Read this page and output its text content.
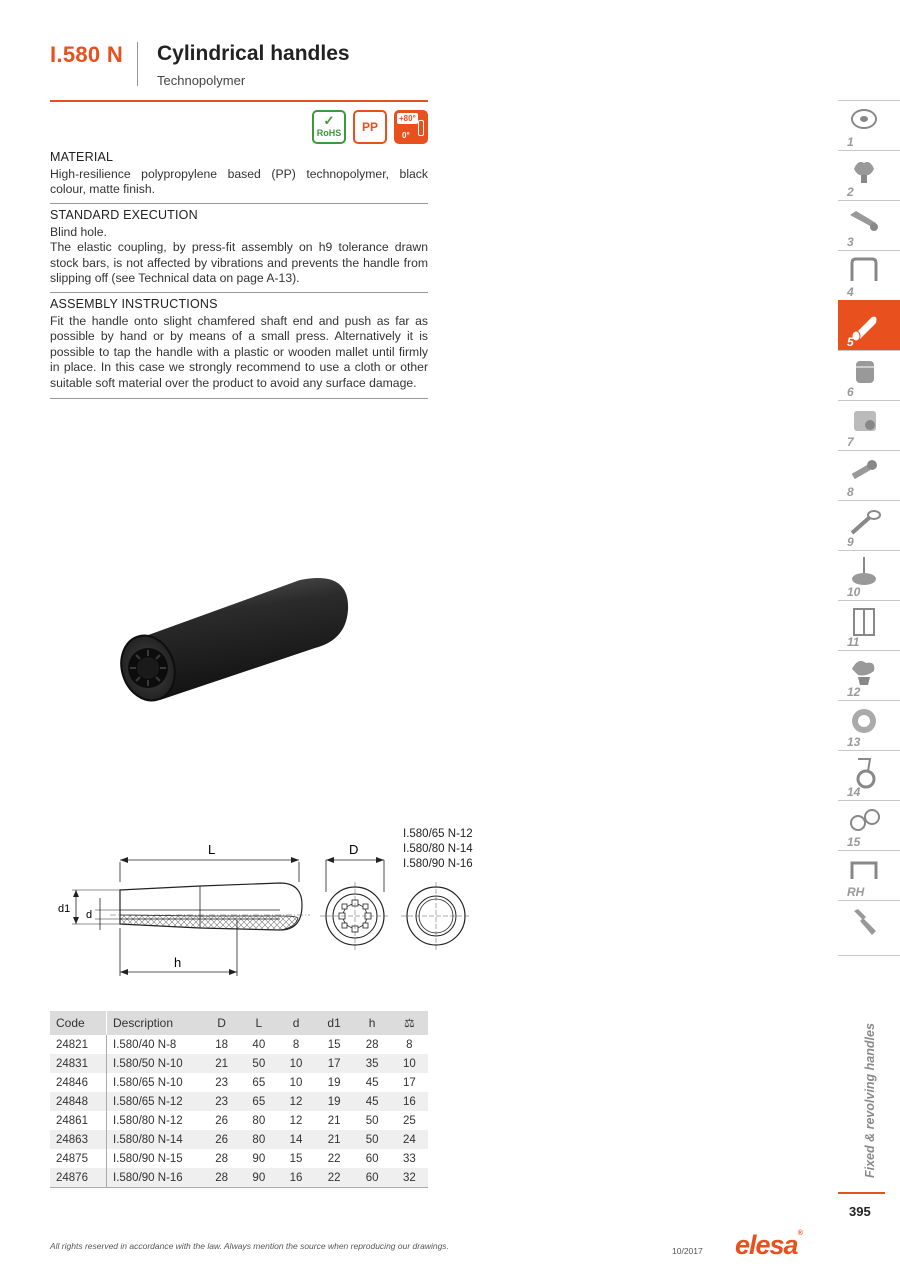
I.580 N Cylindrical handles
Technopolymer
✓
RoHS	PP
+80°
0°
MATERIAL

High-resilience polypropylene based (PP) technopolymer, black colour, matte finish.

STANDARD EXECUTION

Blind hole.

The elastic coupling, by press-fit assembly on h9 tolerance drawn stock bars, is not affected by vibrations and prevents the handle from slipping off (see Technical data on page A-13).

ASSEMBLY INSTRUCTIONS

Fit the handle onto slight chamfered shaft end and push as far as possible by hand or by means of a small press. Alternatively it is possible to tap the handle with a plastic or wooden mallet until firmly in place. In this case we strongly recommend to use a cloth or other suitable soft material over the product to avoid any surface damage.

L
d1 d
h
D
I.580/65 N-12
I.580/80 N-14
I.580/90 N-16
Code	Description	D	L	d	d1	h	⚖
24821	I.580/40 N-8	18	40	8	15	28	8
24831	I.580/50 N-10	21	50	10	17	35	10
24846	I.580/65 N-10	23	65	10	19	45	17
24848	I.580/65 N-12	23	65	12	19	45	16
24861	I.580/80 N-12	26	80	12	21	50	25
24863	I.580/80 N-14	26	80	14	21	50	24
24875	I.580/90 N-15	28	90	15	22	60	33
24876	I.580/90 N-16	28	90	16	22	60	32
All rights reserved in accordance with the law. Always mention the source when reproducing our drawings.	10/2017 elesa®
1
2
3
4
5
6
7
8
9
10
11
12
13
14
15
RH
Fixed & revolving handles
395
